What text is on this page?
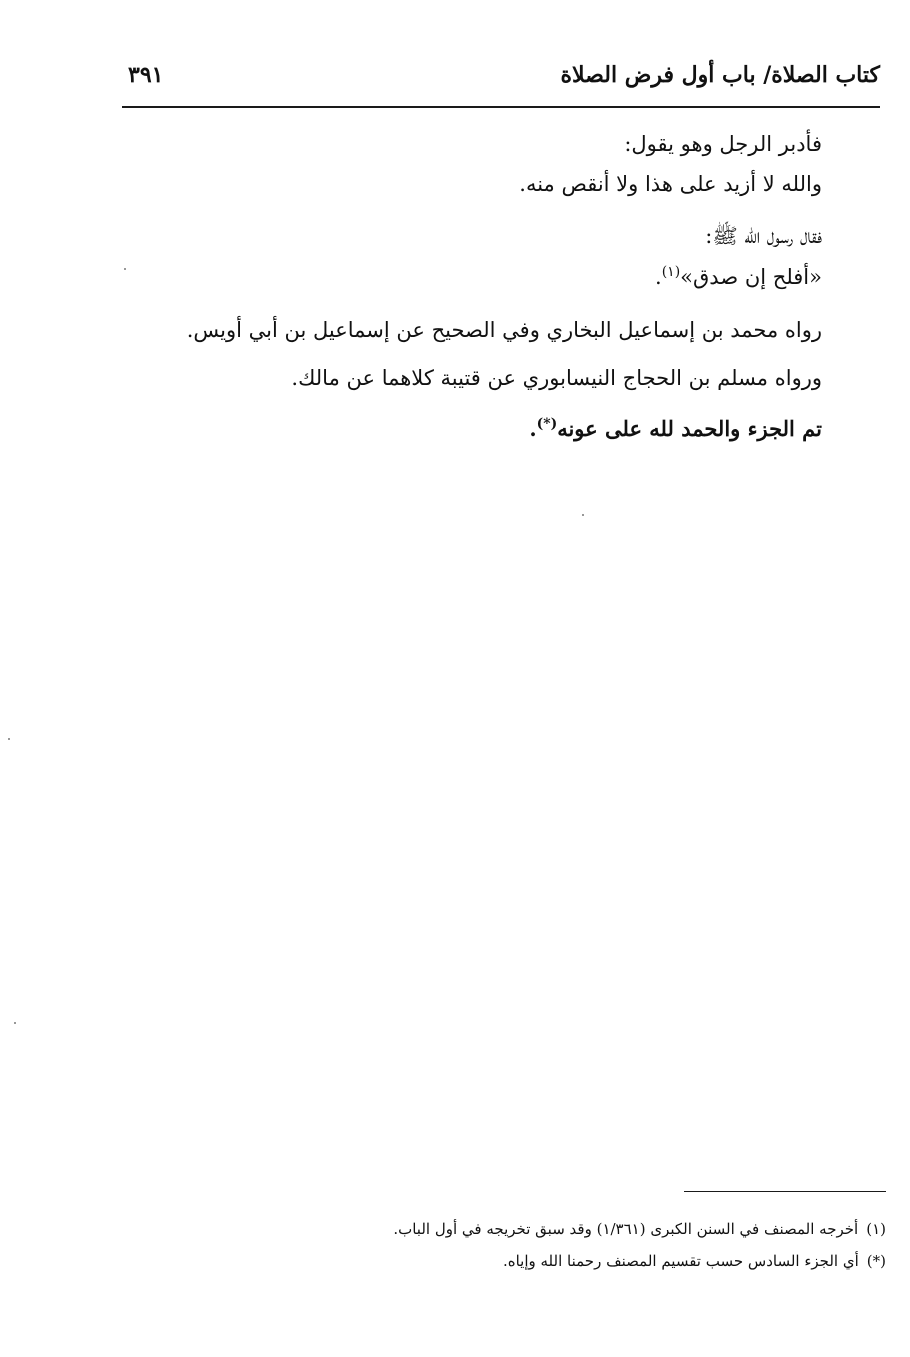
كتاب الصلاة/ باب أول فرض الصلاة
٣٩١
فأدبر الرجل وهو يقول:
والله لا أزيد على هذا ولا أنقص منه.
فقال رسول الله ﷺ:
«أفلح إن صدق»$^{(١)}$.
رواه محمد بن إسماعيل البخاري وفي الصحيح عن إسماعيل بن أبي أويس.
ورواه مسلم بن الحجاج النيسابوري عن قتيبة كلاهما عن مالك.
تم الجزء والحمد لله على عونه(*).
(١)أخرجه المصنف في السنن الكبرى (١/٣٦١) وقد سبق تخريجه في أول الباب.
(*)أي الجزء السادس حسب تقسيم المصنف رحمنا الله وإياه.
